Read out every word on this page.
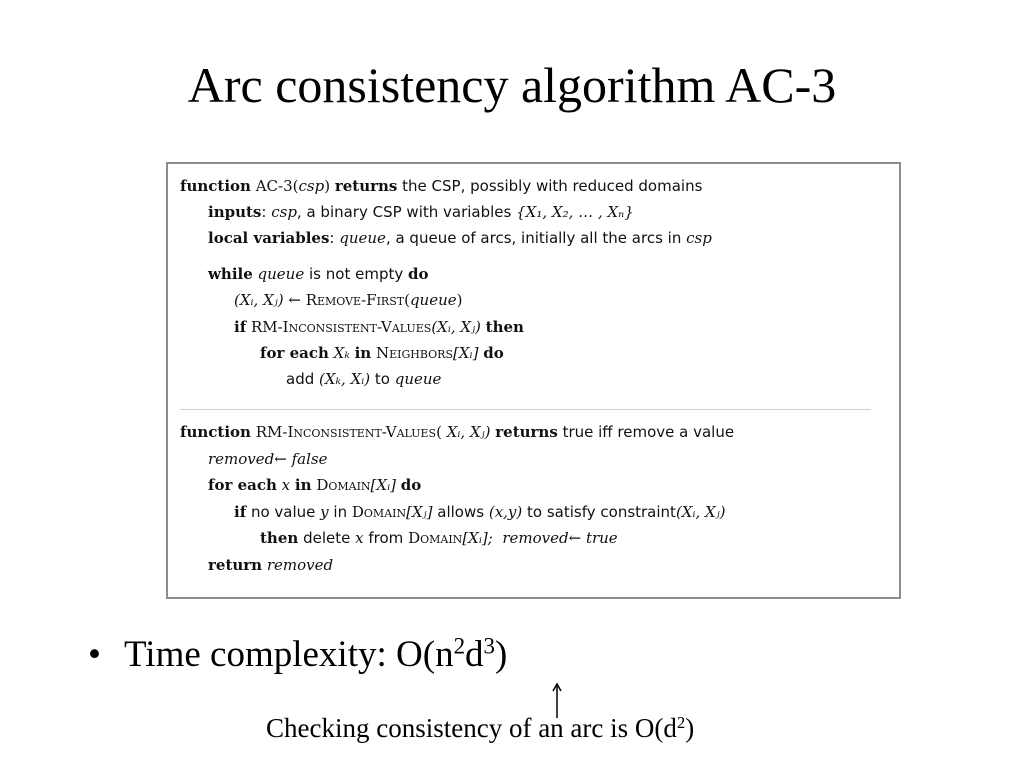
Arc consistency algorithm AC-3
function AC-3(csp) returns the CSP, possibly with reduced domains
inputs: csp, a binary CSP with variables {X₁, X₂, … , Xₙ}
local variables: queue, a queue of arcs, initially all the arcs in csp
while queue is not empty do
(Xᵢ, Xⱼ) ← Remove-First(queue)
if RM-Inconsistent-Values(Xᵢ, Xⱼ) then
for each Xₖ in Neighbors[Xᵢ] do
add (Xₖ, Xᵢ) to queue
function RM-Inconsistent-Values( Xᵢ, Xⱼ) returns true iff remove a value
removed← false
for each x in Domain[Xᵢ] do
if no value y in Domain[Xⱼ] allows (x,y) to satisfy constraint(Xᵢ, Xⱼ)
then delete x from Domain[Xᵢ]; removed← true
return removed
• Time complexity: $O(n^2d^3)$
Checking consistency of an arc is $O(d^2)$
